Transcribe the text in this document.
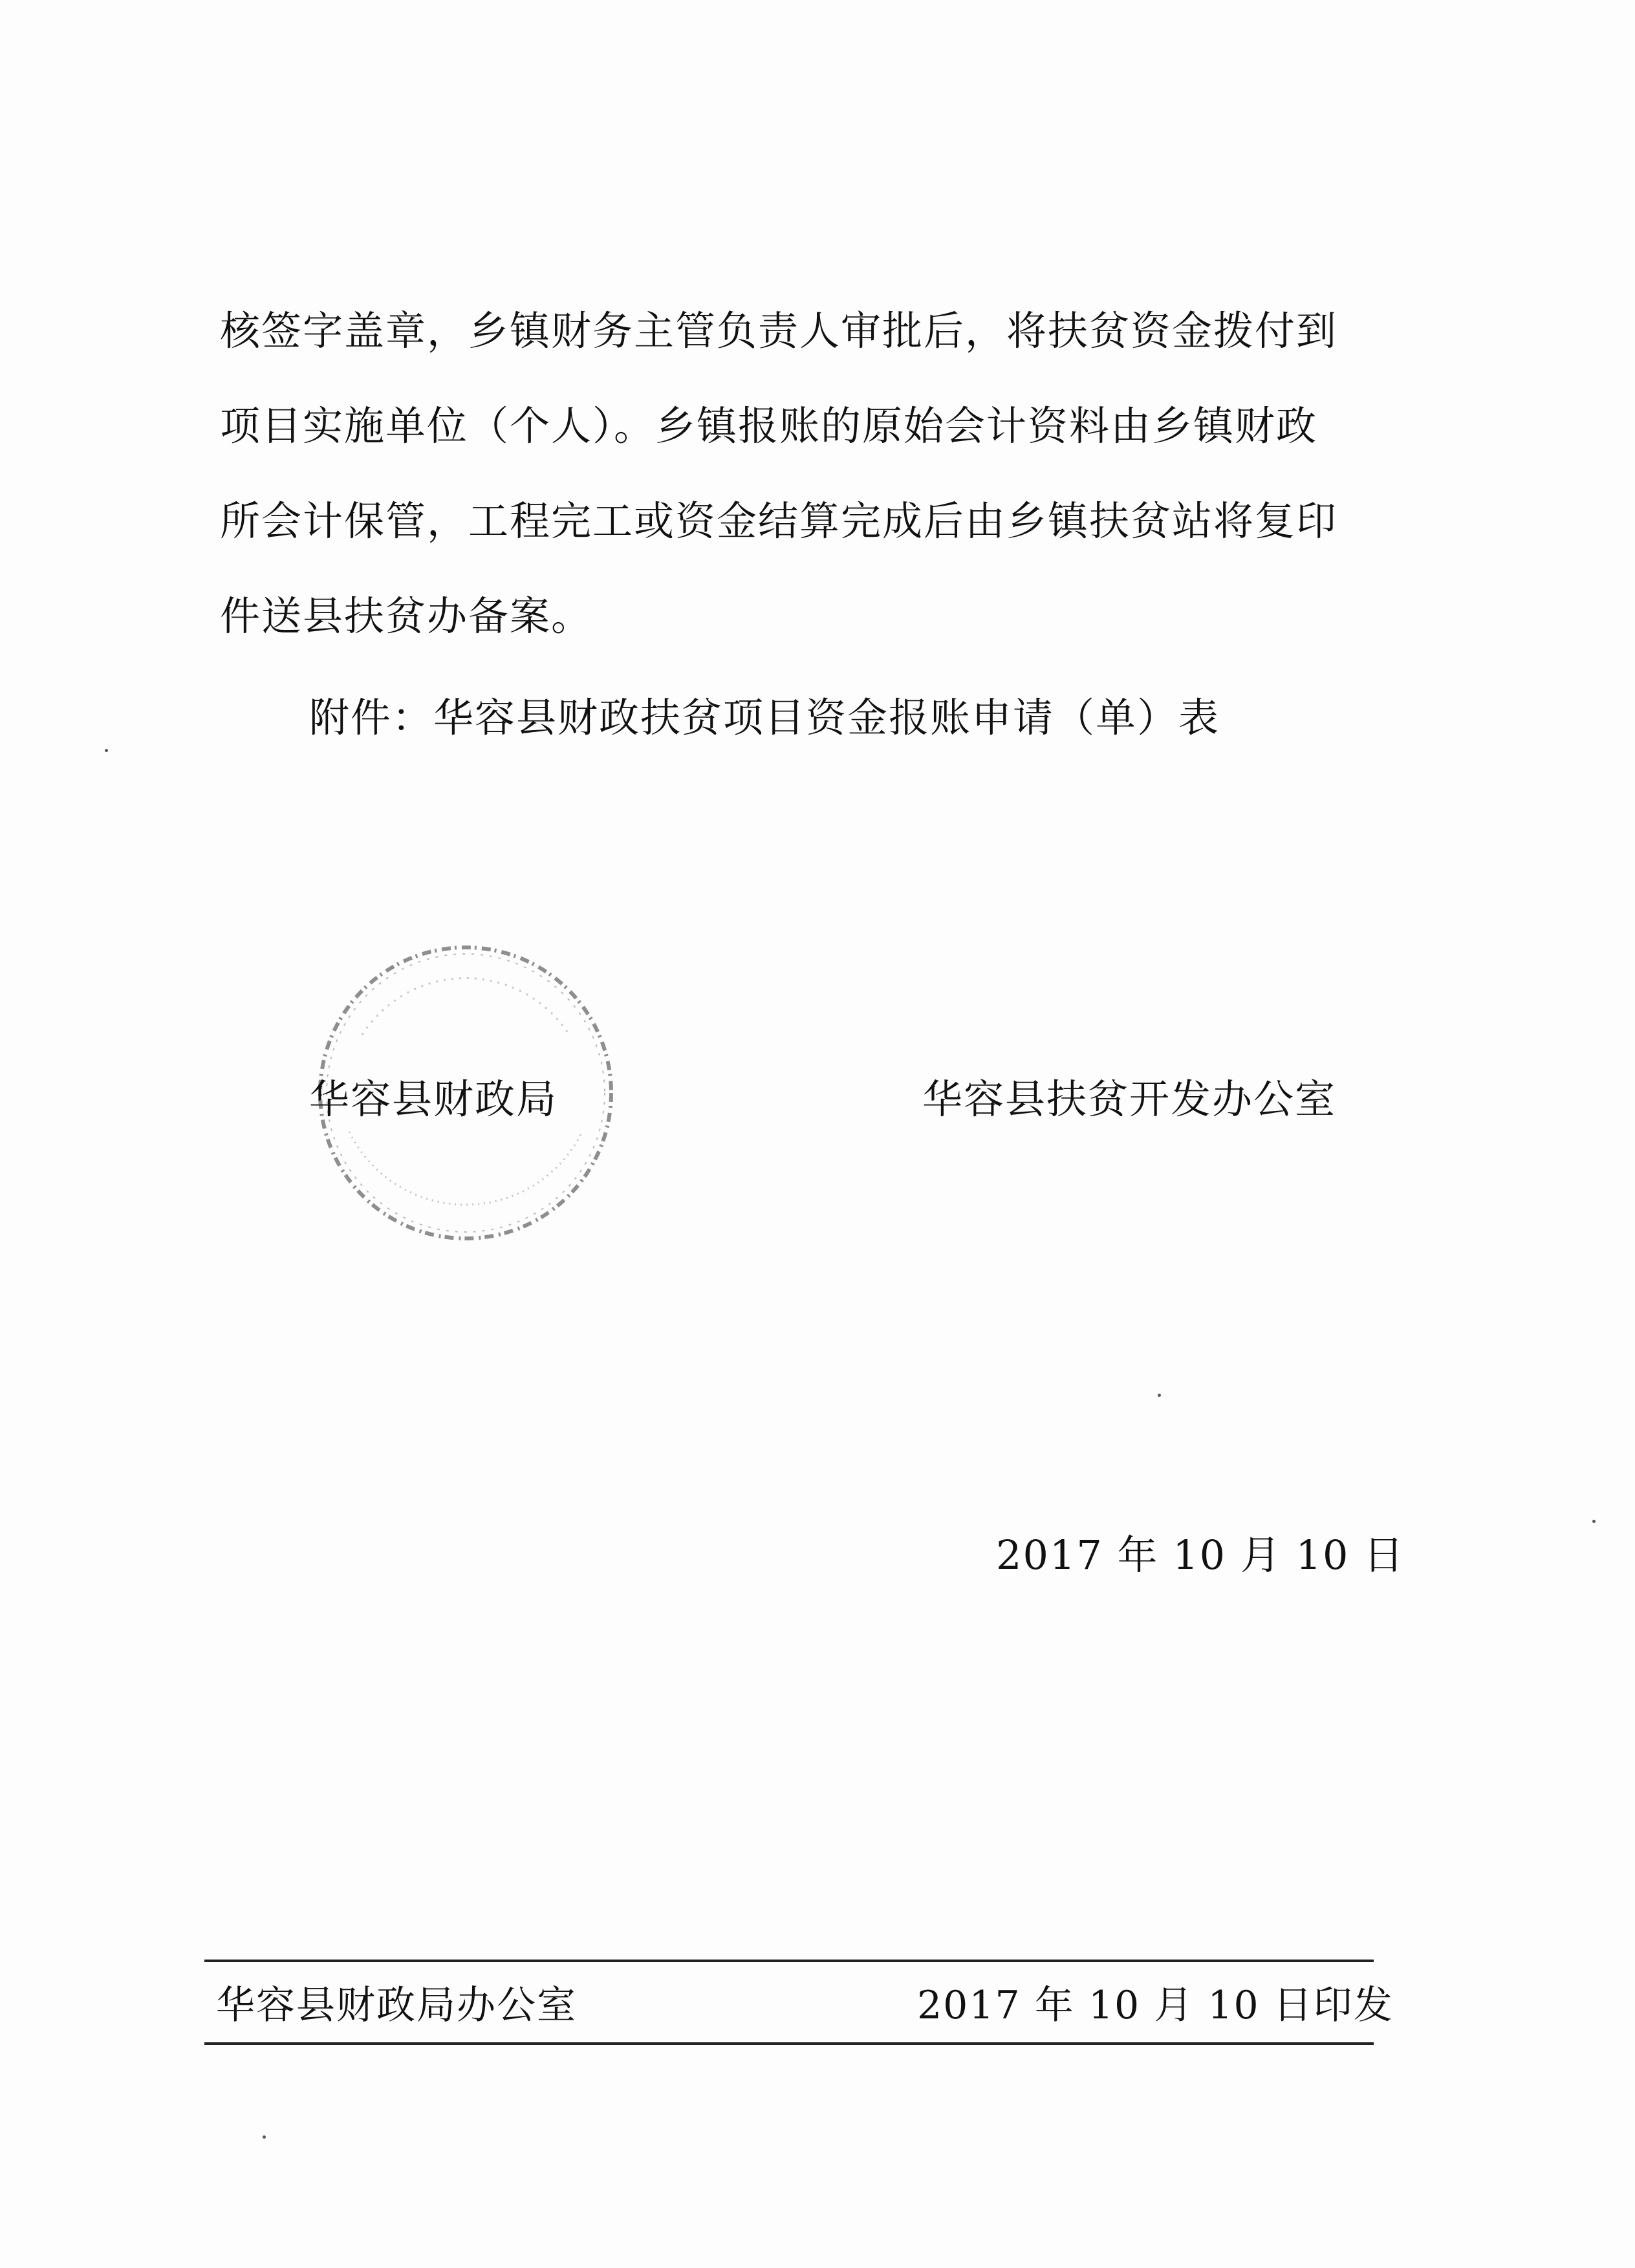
核签字盖章，乡镇财务主管负责人审批后，将扶贫资金拨付到
项目实施单位（个人）。乡镇报账的原始会计资料由乡镇财政
所会计保管，工程完工或资金结算完成后由乡镇扶贫站将复印
件送县扶贫办备案。
附件：华容县财政扶贫项目资金报账申请（单）表
华容县财政局	华容县扶贫开发办公室
2017 年 10 月 10 日
华容县财政局办公室	2017 年 10 月 10 日印发
